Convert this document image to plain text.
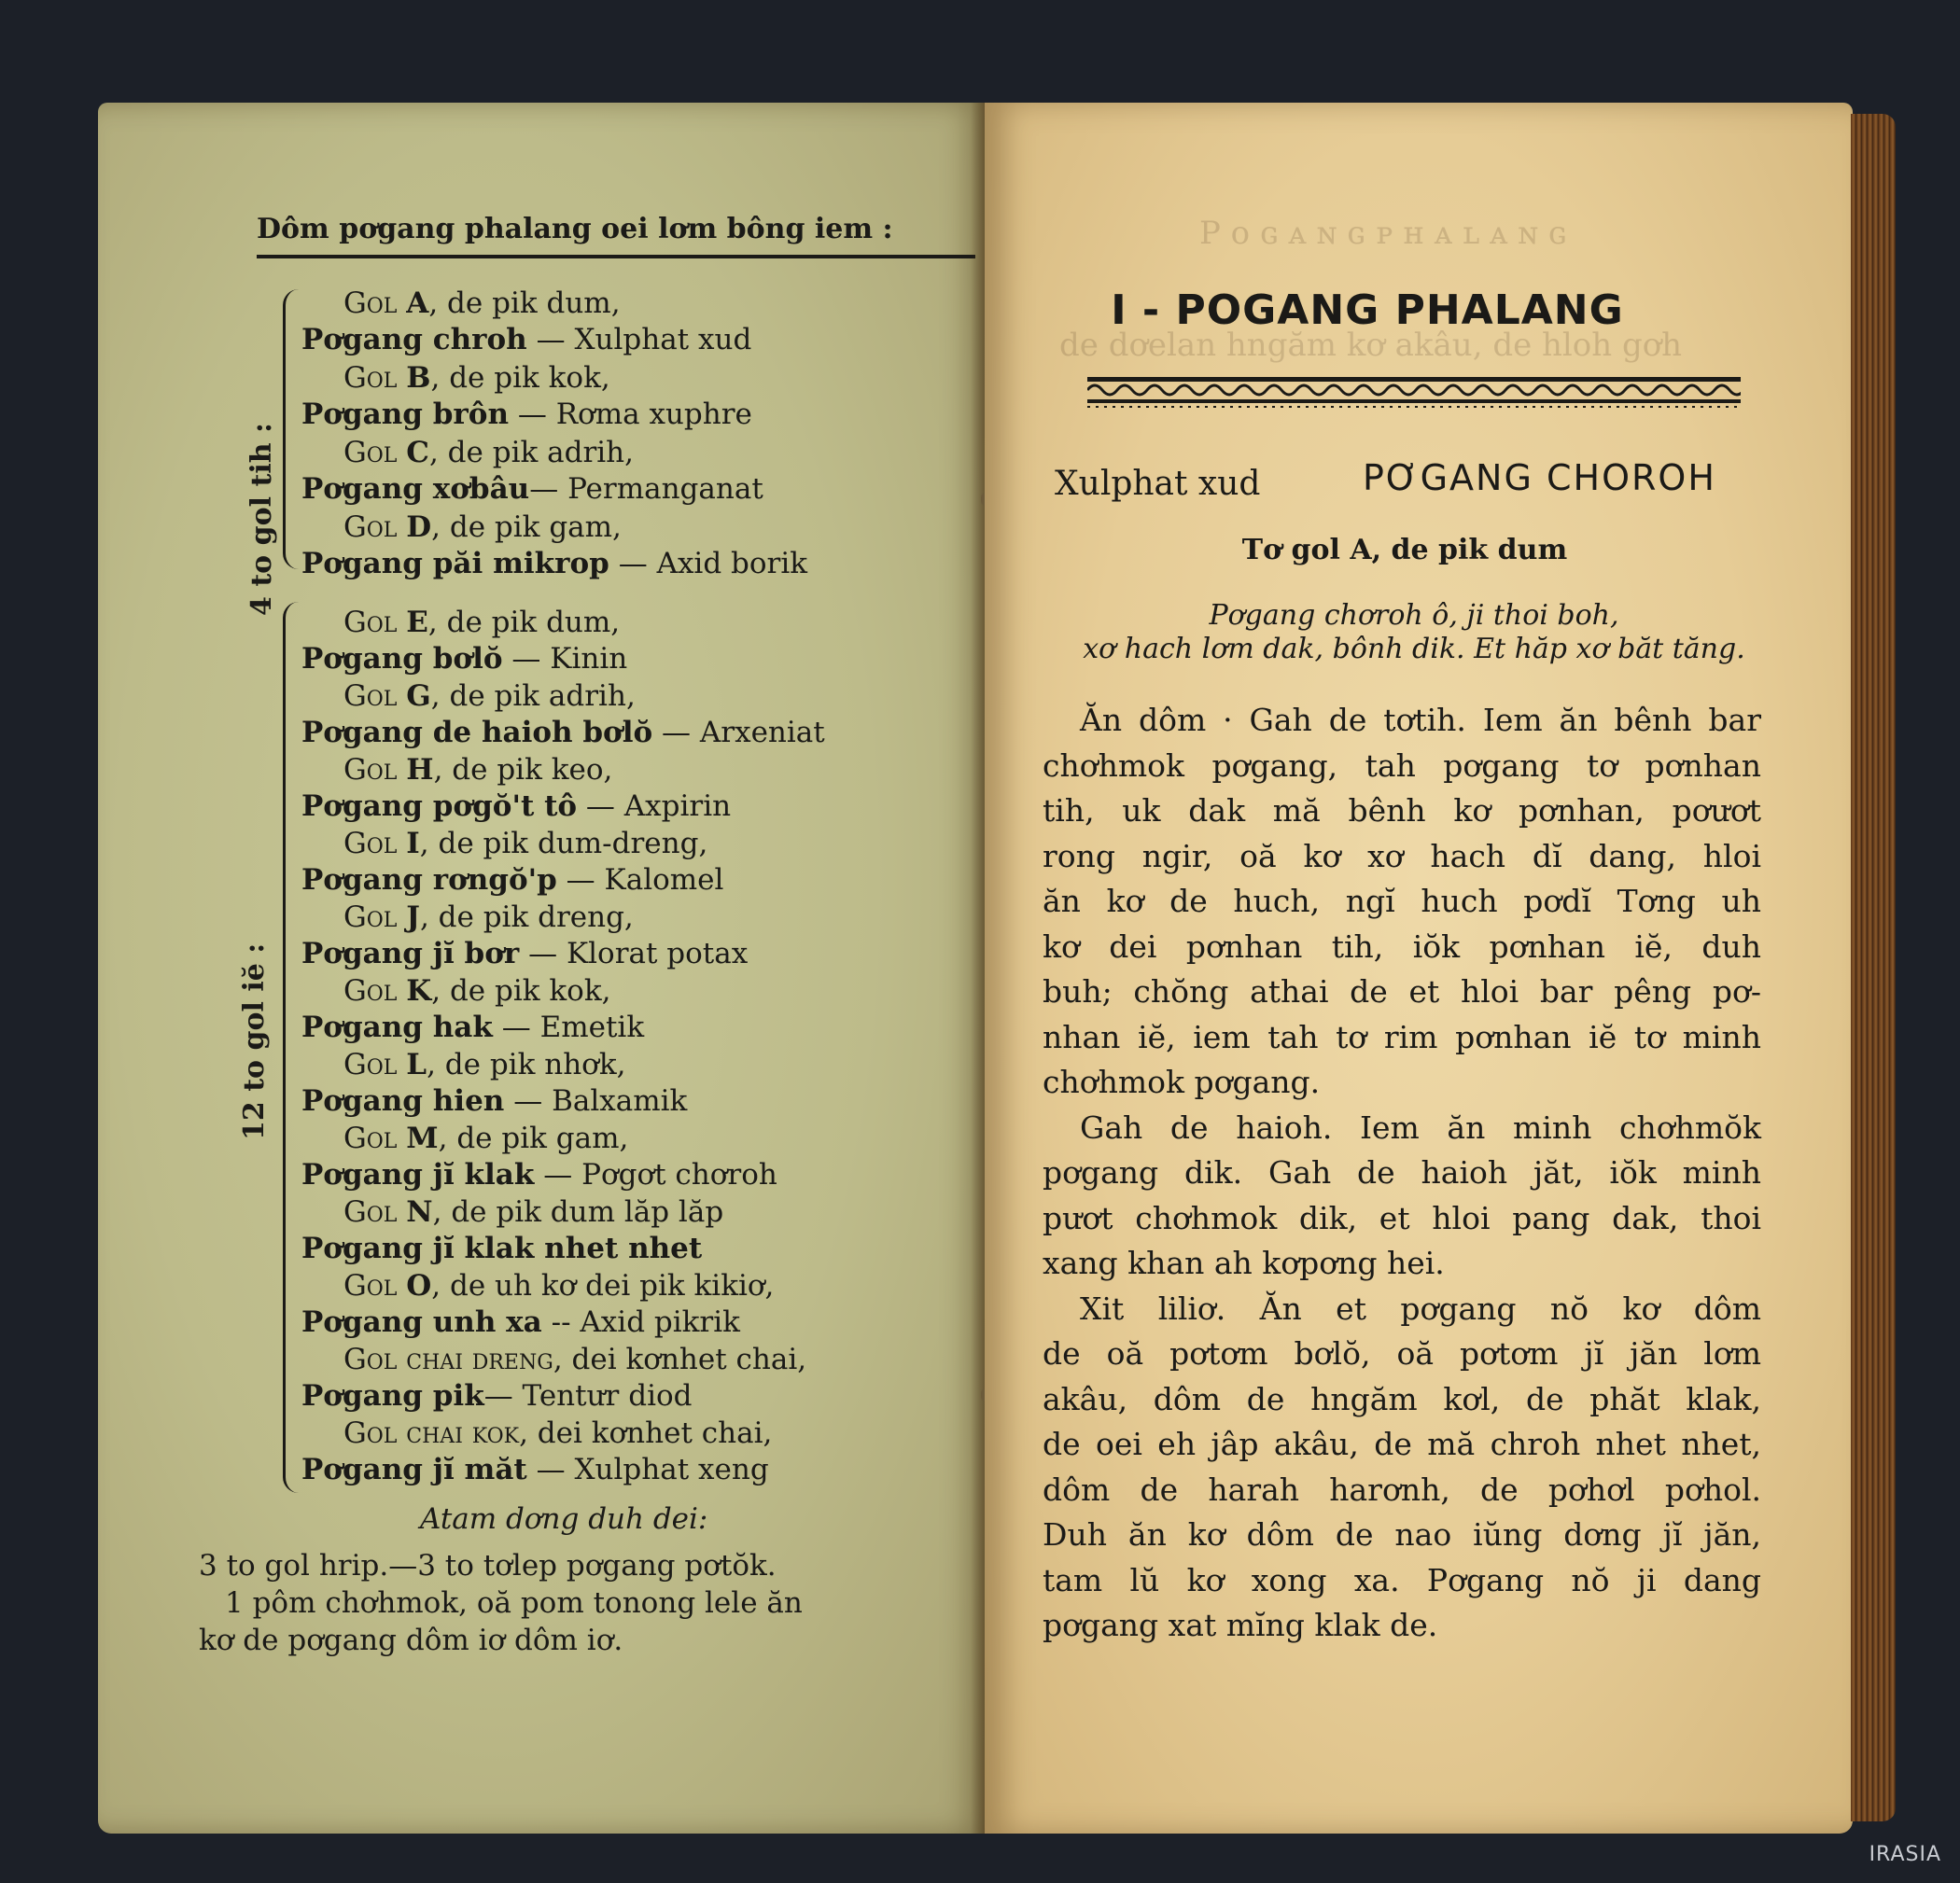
Dôm pơgang phalang oei lơm bông iem :
4 to gol tih :
12 to gol iĕ :
Gol A, de pik dum,
Pơgang chroh — Xulphat xud
Gol B, de pik kok,
Pơgang brôn — Rơma xuphre
Gol C, de pik adrih,
Pơgang xơbâu— Permanganat
Gol D, de pik gam,
Pơgang păi mikrop — Axid borik
Gol E, de pik dum,
Pơgang bơlŏ — Kinin
Gol G, de pik adrih,
Pơgang de haioh bơlŏ — Arxeniat
Gol H, de pik keo,
Pơgang pơgŏ't tô — Axpirin
Gol I, de pik dum-dreng,
Pơgang rơngŏ'p — Kalomel
Gol J, de pik dreng,
Pơgang jĭ bơr — Klorat potax
Gol K, de pik kok,
Pơgang hak — Emetik
Gol L, de pik nhơk,
Pơgang hien — Balxamik
Gol M, de pik gam,
Pơgang jĭ klak — Pơgơt chơroh
Gol N, de pik dum lăp lăp
Pơgang jĭ klak nhet nhet
Gol O, de uh kơ dei pik kikiơ,
Pơgang unh xa -- Axid pikrik
Gol chai dreng, dei kơnhet chai,
Pơgang pik— Tentưr diod
Gol chai kok, dei kơnhet chai,
Pơgang jĭ măt — Xulphat xeng
Atam dơng duh dei:
3 to gol hrip.—3 to tơlep pơgang pơtŏk.
1 pôm chơhmok, oă pom tonong lele ăn
kơ de pơgang dôm iơ dôm iơ.
P ᴏ ɢ ᴀ ɴ ɢ ᴘ ʜ ᴀ ʟ ᴀ ɴ ɢ
de dơelan hngăm kơ akâu, de hloh gơh
I - POGANG PHALANG
Xulphat xud	PƠGANG CHOROH
Tơ gol A, de pik dum
Pơgang chơroh ô, ji thoi boh,
xơ hach lơm dak, bônh dik. Et hăp xơ băt tăng.
Ăn dôm · Gah de tơtih. Iem ăn bênh bar
chơhmok pơgang, tah pơgang tơ pơnhan
tih, uk dak mă bênh kơ pơnhan, pơươt
rong ngir, oă kơ xơ hach dĭ dang, hloi
ăn kơ de huch, ngĭ huch pơdĭ Tơng uh
kơ dei pơnhan tih, iŏk pơnhan iĕ, duh
buh; chŏng athai de et hloi bar pêng pơ-
nhan iĕ, iem tah tơ rim pơnhan iĕ tơ minh
chơhmok pơgang.
Gah de haioh. Iem ăn minh chơhmŏk
pơgang dik. Gah de haioh jăt, iŏk minh
pươt chơhmok dik, et hloi pang dak, thoi
xang khan ah kơpơng hei.
Xit liliơ. Ăn et pơgang nŏ kơ dôm
de oă pơtơm bơlŏ, oă pơtơm jĭ jăn lơm
akâu, dôm de hngăm kơl, de phăt klak,
de oei eh jâp akâu, de mă chroh nhet nhet,
dôm de harah harơnh, de pơhơl pơhol.
Duh ăn kơ dôm de nao iŭng dơng jĭ jăn,
tam lŭ kơ xong xa. Pơgang nŏ ji dang
pơgang xat mĭng klak de.
IRASIA
